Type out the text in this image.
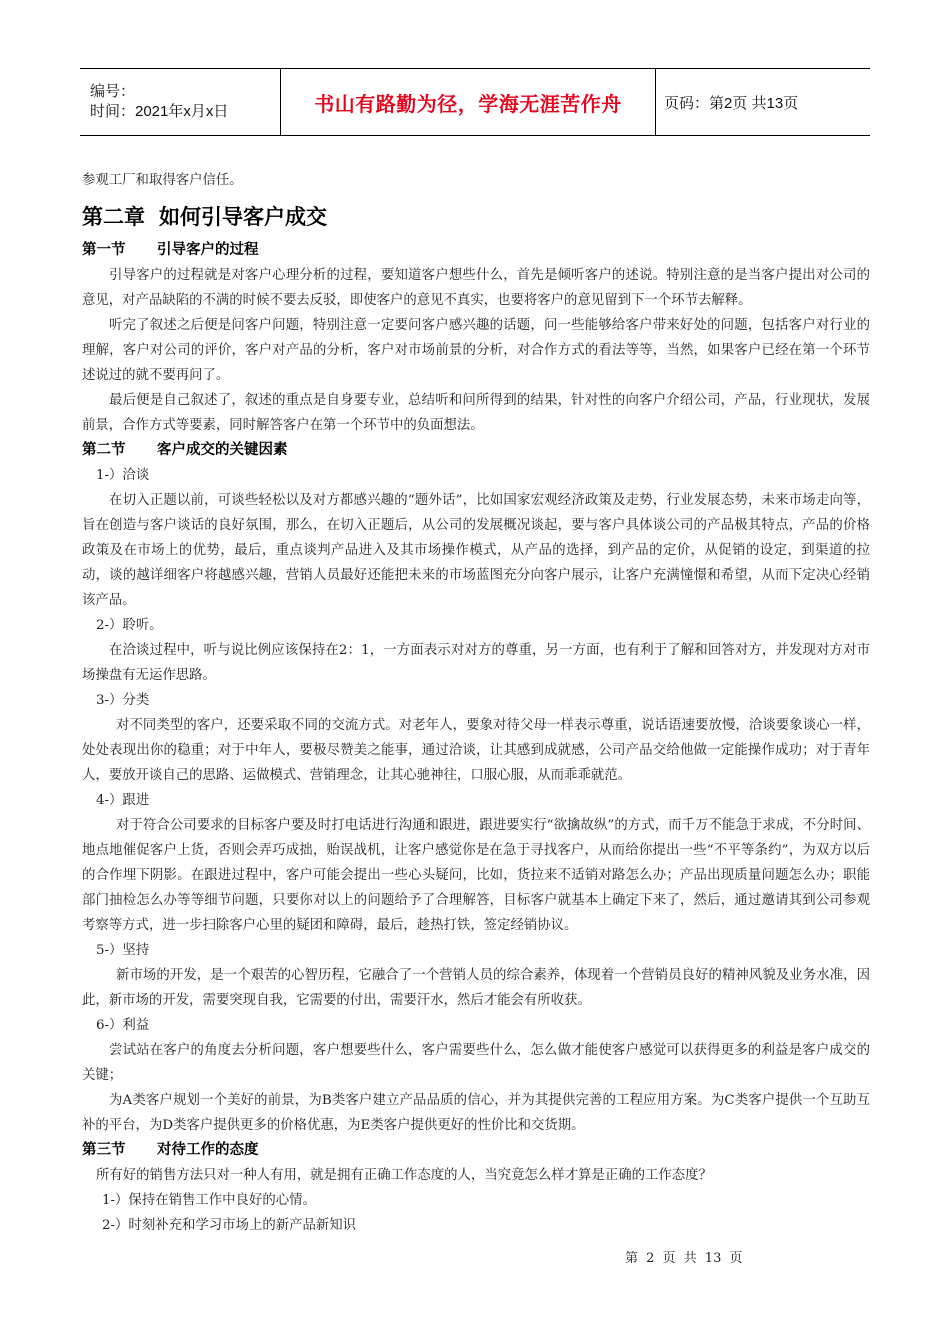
编号：
时间：2021年x月x日	书山有路勤为径，学海无涯苦作舟	页码：第2页 共13页

参观工厂和取得客户信任。

第二章 如何引导客户成交
第一节 引导客户的过程

引导客户的过程就是对客户心理分析的过程，要知道客户想些什么，首先是倾听客户的述说。特别注意的是当客户提出对公司的意见，对产品缺陷的不满的时候不要去反驳，即使客户的意见不真实，也要将客户的意见留到下一个环节去解释。

听完了叙述之后便是问客户问题，特别注意一定要问客户感兴趣的话题，问一些能够给客户带来好处的问题，包括客户对行业的理解，客户对公司的评价，客户对产品的分析，客户对市场前景的分析，对合作方式的看法等等，当然，如果客户已经在第一个环节述说过的就不要再问了。

最后便是自己叙述了，叙述的重点是自身要专业，总结听和问所得到的结果，针对性的向客户介绍公司，产品，行业现状，发展前景，合作方式等要素，同时解答客户在第一个环节中的负面想法。

第二节 客户成交的关键因素

1-）洽谈

在切入正题以前，可谈些轻松以及对方都感兴趣的“题外话”，比如国家宏观经济政策及走势，行业发展态势，未来市场走向等，旨在创造与客户谈话的良好氛围，那么，在切入正题后，从公司的发展概况谈起，要与客户具体谈公司的产品极其特点，产品的价格政策及在市场上的优势，最后，重点谈判产品进入及其市场操作模式，从产品的选择，到产品的定价，从促销的设定，到渠道的拉动，谈的越详细客户将越感兴趣，营销人员最好还能把未来的市场蓝图充分向客户展示，让客户充满憧憬和希望，从而下定决心经销该产品。

2-）聆听。

在洽谈过程中，听与说比例应该保持在2：1，一方面表示对对方的尊重，另一方面，也有利于了解和回答对方，并发现对方对市场操盘有无运作思路。

3-）分类

对不同类型的客户，还要采取不同的交流方式。对老年人，要象对待父母一样表示尊重，说话语速要放慢，洽谈要象谈心一样，处处表现出你的稳重；对于中年人，要极尽赞美之能事，通过洽谈，让其感到成就感，公司产品交给他做一定能操作成功；对于青年人，要放开谈自己的思路、运做模式、营销理念，让其心驰神往，口服心服，从而乖乖就范。

4-）跟进

对于符合公司要求的目标客户要及时打电话进行沟通和跟进，跟进要实行“欲擒故纵”的方式，而千万不能急于求成，不分时间、地点地催促客户上货，否则会弄巧成拙，贻误战机，让客户感觉你是在急于寻找客户，从而给你提出一些“不平等条约”，为双方以后的合作埋下阴影。在跟进过程中，客户可能会提出一些心头疑问，比如，货拉来不适销对路怎么办；产品出现质量问题怎么办；职能部门抽检怎么办等等细节问题，只要你对以上的问题给予了合理解答，目标客户就基本上确定下来了，然后，通过邀请其到公司参观考察等方式，进一步扫除客户心里的疑团和障碍，最后，趁热打铁，签定经销协议。

5-）坚持

新市场的开发，是一个艰苦的心智历程，它融合了一个营销人员的综合素养，体现着一个营销员良好的精神风貌及业务水准，因此，新市场的开发，需要突现自我，它需要的付出，需要汗水，然后才能会有所收获。

6-）利益

尝试站在客户的角度去分析问题，客户想要些什么，客户需要些什么，怎么做才能使客户感觉可以获得更多的利益是客户成交的关键；

为A类客户规划一个美好的前景，为B类客户建立产品品质的信心，并为其提供完善的工程应用方案。为C类客户提供一个互助互补的平台，为D类客户提供更多的价格优惠，为E类客户提供更好的性价比和交货期。

第三节 对待工作的态度

所有好的销售方法只对一种人有用，就是拥有正确工作态度的人，当究竟怎么样才算是正确的工作态度？

1-）保持在销售工作中良好的心情。

2-）时刻补充和学习市场上的新产品新知识

第 2 页 共 13 页
